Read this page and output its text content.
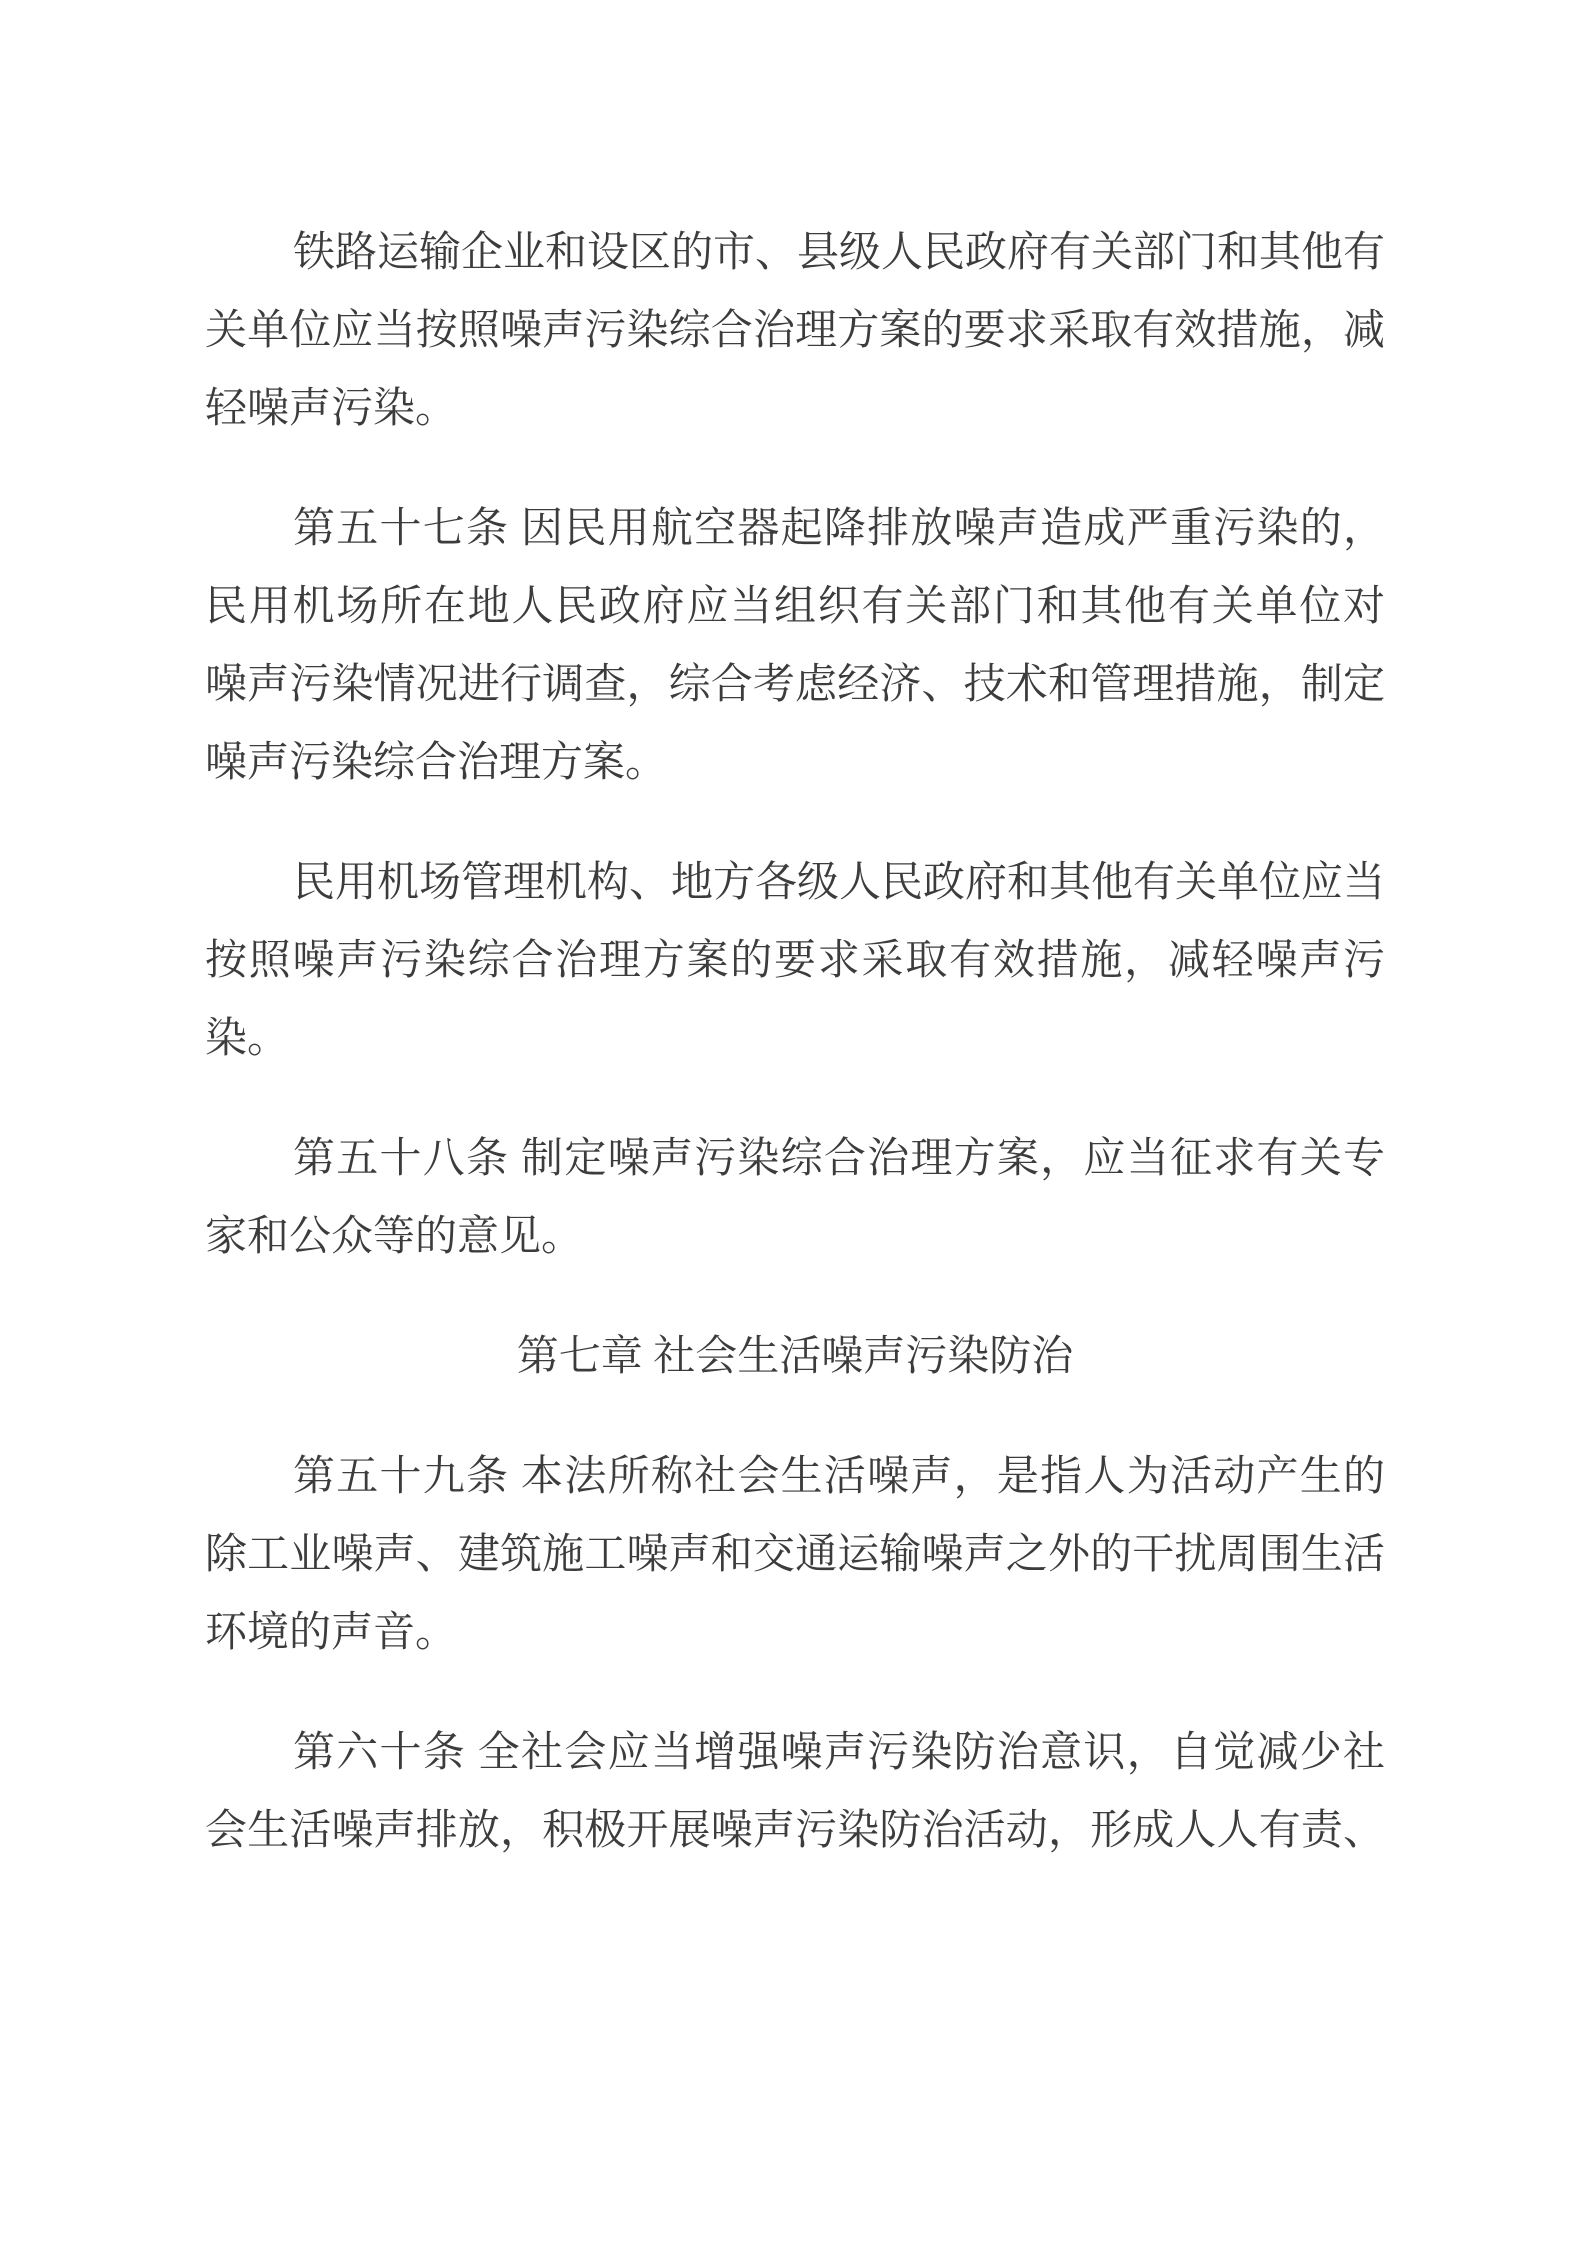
铁路运输企业和设区的市、县级人民政府有关部门和其他有
关单位应当按照噪声污染综合治理方案的要求采取有效措施，减
轻噪声污染。
第五十七条 因民用航空器起降排放噪声造成严重污染的，
民用机场所在地人民政府应当组织有关部门和其他有关单位对
噪声污染情况进行调查，综合考虑经济、技术和管理措施，制定
噪声污染综合治理方案。
民用机场管理机构、地方各级人民政府和其他有关单位应当
按照噪声污染综合治理方案的要求采取有效措施，减轻噪声污
染。
第五十八条 制定噪声污染综合治理方案，应当征求有关专
家和公众等的意见。
第七章 社会生活噪声污染防治
第五十九条 本法所称社会生活噪声，是指人为活动产生的
除工业噪声、建筑施工噪声和交通运输噪声之外的干扰周围生活
环境的声音。
第六十条 全社会应当增强噪声污染防治意识，自觉减少社
会生活噪声排放，积极开展噪声污染防治活动，形成人人有责、
